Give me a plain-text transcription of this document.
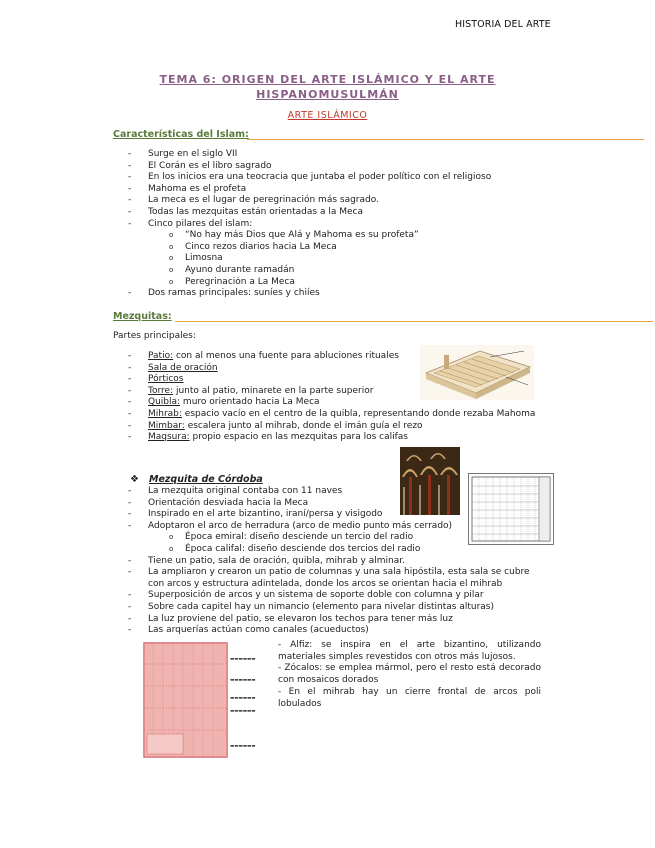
HISTORIA DEL ARTE
TEMA 6: ORIGEN DEL ARTE ISLÁMICO Y EL ARTE
HISPANOMUSULMÁN
ARTE ISLÁMICO
Características del Islam:
- Surge en el siglo VII
- El Corán es el libro sagrado
- En los inicios era una teocracia que juntaba el poder político con el religioso
- Mahoma es el profeta
- La meca es el lugar de peregrinación más sagrado.
- Todas las mezquitas están orientadas a la Meca
- Cinco pilares del islam:
o “No hay más Dios que Alá y Mahoma es su profeta”
o Cinco rezos diarios hacia La Meca
o Limosna
o Ayuno durante ramadán
o Peregrinación a La Meca
- Dos ramas principales: suníes y chiíes
Mezquitas:
Partes principales:
- Patio: con al menos una fuente para abluciones rituales
- Sala de oración
- Pórticos
- Torre: junto al patio, minarete en la parte superior
- Quibla: muro orientado hacia La Meca
- Mihrab: espacio vacío en el centro de la quibla, representando donde rezaba Mahoma
- Mimbar: escalera junto al mihrab, donde el imán guía el rezo
- Maqsura: propio espacio en las mezquitas para los califas
❖ Mezquita de Córdoba
- La mezquita original contaba con 11 naves
- Orientación desviada hacia la Meca
- Inspirado en el arte bizantino, iraní/persa y visigodo
- Adoptaron el arco de herradura (arco de medio punto más cerrado)
o Época emiral: diseño desciende un tercio del radio
o Época califal: diseño desciende dos tercios del radio
- Tiene un patio, sala de oración, quibla, mihrab y alminar.
- La ampliaron y crearon un patio de columnas y una sala hipóstila, esta sala se cubre
con arcos y estructura adintelada, donde los arcos se orientan hacia el mihrab
- Superposición de arcos y un sistema de soporte doble con columna y pilar
- Sobre cada capitel hay un nimancio (elemento para nivelar distintas alturas)
- La luz proviene del patio, se elevaron los techos para tener más luz
- Las arquerías actúan como canales (acueductos)
▬▬▬▬▬▬
▬▬▬▬▬▬
▬▬▬▬▬▬
▬▬▬▬▬▬
▬▬▬▬▬▬

- Alfiz: se inspira en el arte bizantino, utilizando materiales simples revestidos con otros más lujosos.

- Zócalos: se emplea mármol, pero el resto está decorado con mosaicos dorados

- En el mihrab hay un cierre frontal de arcos poli lobulados
